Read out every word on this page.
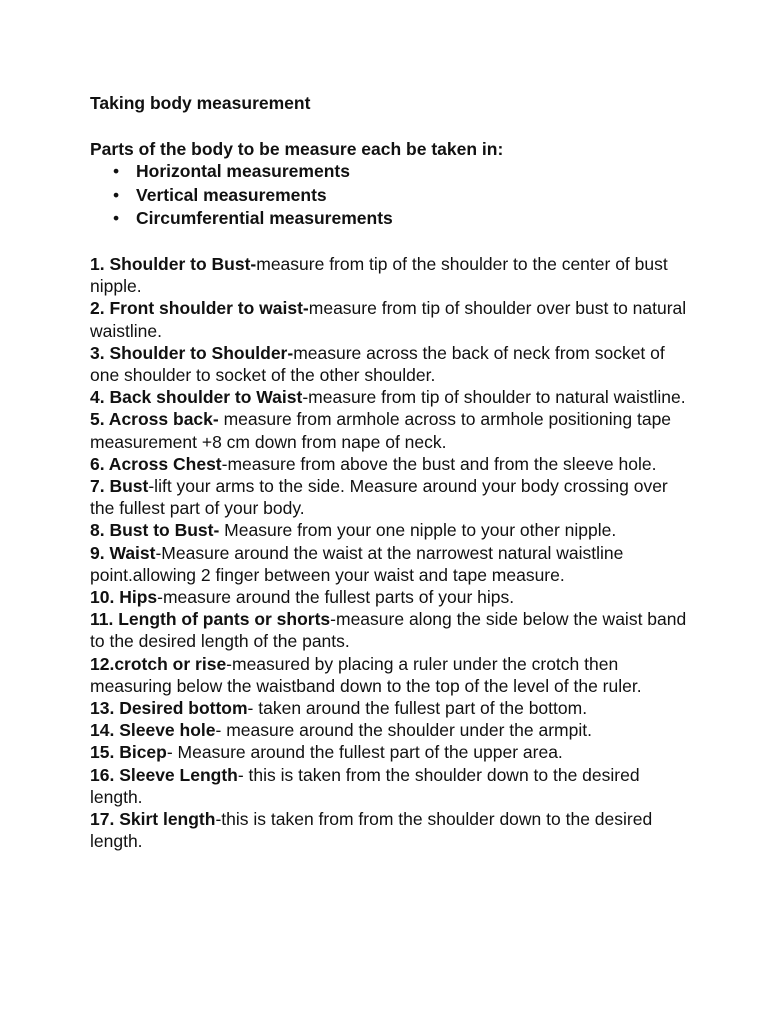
Taking body measurement

Parts of the body to be measure each be taken in:

• Horizontal measurements
• Vertical measurements
• Circumferential measurements
1. Shoulder to Bust-measure from tip of the shoulder to the center of bust nipple.
2. Front shoulder to waist-measure from tip of shoulder over bust to natural waistline.
3. Shoulder to Shoulder-measure across the back of neck from socket of one shoulder to socket of the other shoulder.
4. Back shoulder to Waist-measure from tip of shoulder to natural waistline.
5. Across back- measure from armhole across to armhole positioning tape measurement +8 cm down from nape of neck.
6. Across Chest-measure from above the bust and from the sleeve hole.
7. Bust-lift your arms to the side. Measure around your body crossing over the fullest part of your body.
8. Bust to Bust- Measure from your one nipple to your other nipple.
9. Waist-Measure around the waist at the narrowest natural waistline point.allowing 2 finger between your waist and tape measure.
10. Hips-measure around the fullest parts of your hips.
11. Length of pants or shorts-measure along the side below the waist band to the desired length of the pants.
12.crotch or rise-measured by placing a ruler under the crotch then measuring below the waistband down to the top of the level of the ruler.
13. Desired bottom- taken around the fullest part of the bottom.
14. Sleeve hole- measure around the shoulder under the armpit.
15. Bicep- Measure around the fullest part of the upper area.
16. Sleeve Length- this is taken from the shoulder down to the desired length.
17. Skirt length-this is taken from from the shoulder down to the desired length.
